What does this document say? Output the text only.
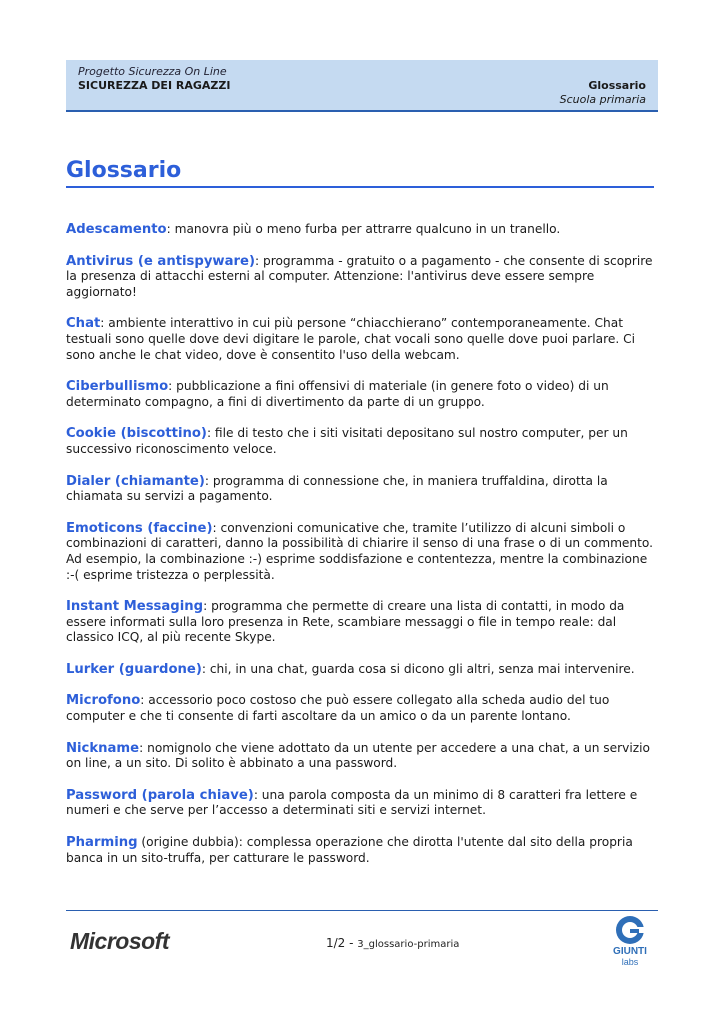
Progetto Sicurezza On Line
SICUREZZA DEI RAGAZZI	Glossario
Scuola primaria
Glossario
Adescamento: manovra più o meno furba per attrarre qualcuno in un tranello.
Antivirus (e antispyware): programma - gratuito o a pagamento - che consente di scoprire la presenza di attacchi esterni al computer. Attenzione: l'antivirus deve essere sempre aggiornato!
Chat: ambiente interattivo in cui più persone “chiacchierano” contemporaneamente. Chat testuali sono quelle dove devi digitare le parole, chat vocali sono quelle dove puoi parlare. Ci sono anche le chat video, dove è consentito l'uso della webcam.
Ciberbullismo: pubblicazione a fini offensivi di materiale (in genere foto o video) di un determinato compagno, a fini di divertimento da parte di un gruppo.
Cookie (biscottino): file di testo che i siti visitati depositano sul nostro computer, per un successivo riconoscimento veloce.
Dialer (chiamante): programma di connessione che, in maniera truffaldina, dirotta la chiamata su servizi a pagamento.
Emoticons (faccine): convenzioni comunicative che, tramite l’utilizzo di alcuni simboli o combinazioni di caratteri, danno la possibilità di chiarire il senso di una frase o di un commento. Ad esempio, la combinazione :-) esprime soddisfazione e contentezza, mentre la combinazione :-( esprime tristezza o perplessità.
Instant Messaging: programma che permette di creare una lista di contatti, in modo da essere informati sulla loro presenza in Rete, scambiare messaggi o file in tempo reale: dal classico ICQ, al più recente Skype.
Lurker (guardone): chi, in una chat, guarda cosa si dicono gli altri, senza mai intervenire.
Microfono: accessorio poco costoso che può essere collegato alla scheda audio del tuo computer e che ti consente di farti ascoltare da un amico o da un parente lontano.
Nickname: nomignolo che viene adottato da un utente per accedere a una chat, a un servizio on line, a un sito. Di solito è abbinato a una password.
Password (parola chiave): una parola composta da un minimo di 8 caratteri fra lettere e numeri e che serve per l’accesso a determinati siti e servizi internet.
Pharming (origine dubbia): complessa operazione che dirotta l'utente dal sito della propria banca in un sito-truffa, per catturare le password.
Microsoft	1/2 - 3_glossario-primaria
GIUNTI
labs
